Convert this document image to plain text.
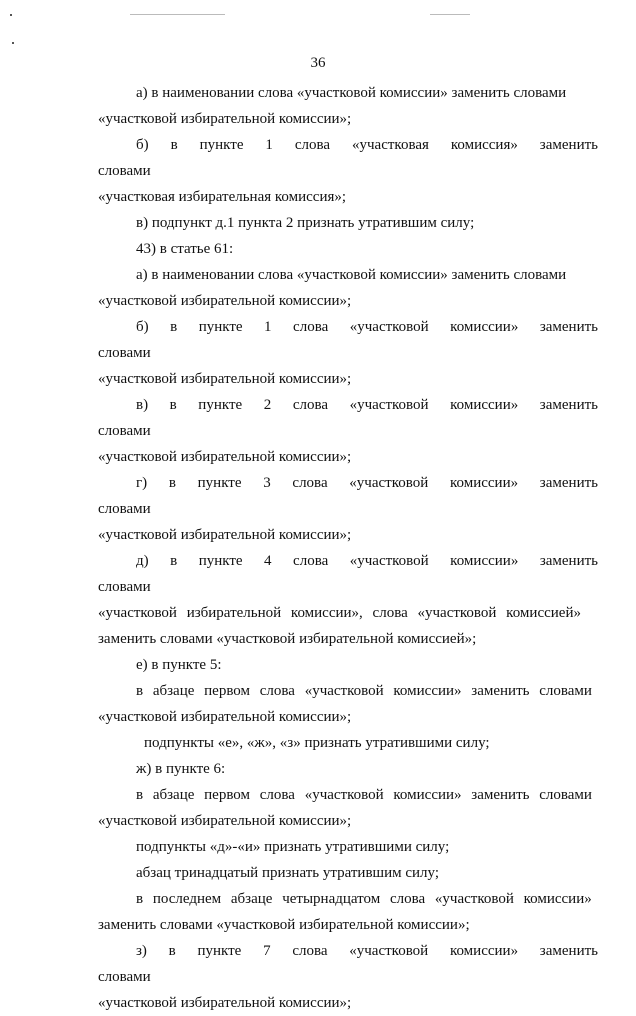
36
а) в наименовании слова «участковой комиссии» заменить словами
«участковой избирательной комиссии»;
б) в пункте 1 слова «участковая комиссия» заменить словами
«участковая избирательная комиссия»;
в) подпункт д.1 пункта 2 признать утратившим силу;
43) в статье 61:
а) в наименовании слова «участковой комиссии» заменить словами
«участковой избирательной комиссии»;
б) в пункте 1 слова «участковой комиссии» заменить словами
«участковой избирательной комиссии»;
в) в пункте 2 слова «участковой комиссии» заменить словами
«участковой избирательной комиссии»;
г) в пункте 3 слова «участковой комиссии» заменить словами
«участковой избирательной комиссии»;
д) в пункте 4 слова «участковой комиссии» заменить словами
«участковой избирательной комиссии», слова «участковой комиссией»
заменить словами «участковой избирательной комиссией»;
е) в пункте 5:
в абзаце первом слова «участковой комиссии» заменить словами
«участковой избирательной комиссии»;
подпункты «е», «ж», «з» признать утратившими силу;
ж) в пункте 6:
в абзаце первом слова «участковой комиссии» заменить словами
«участковой избирательной комиссии»;
подпункты «д»-«и» признать утратившими силу;
абзац тринадцатый признать утратившим силу;
в последнем абзаце четырнадцатом слова «участковой комиссии»
заменить словами «участковой избирательной комиссии»;
з) в пункте 7 слова «участковой комиссии» заменить словами
«участковой избирательной комиссии»;
